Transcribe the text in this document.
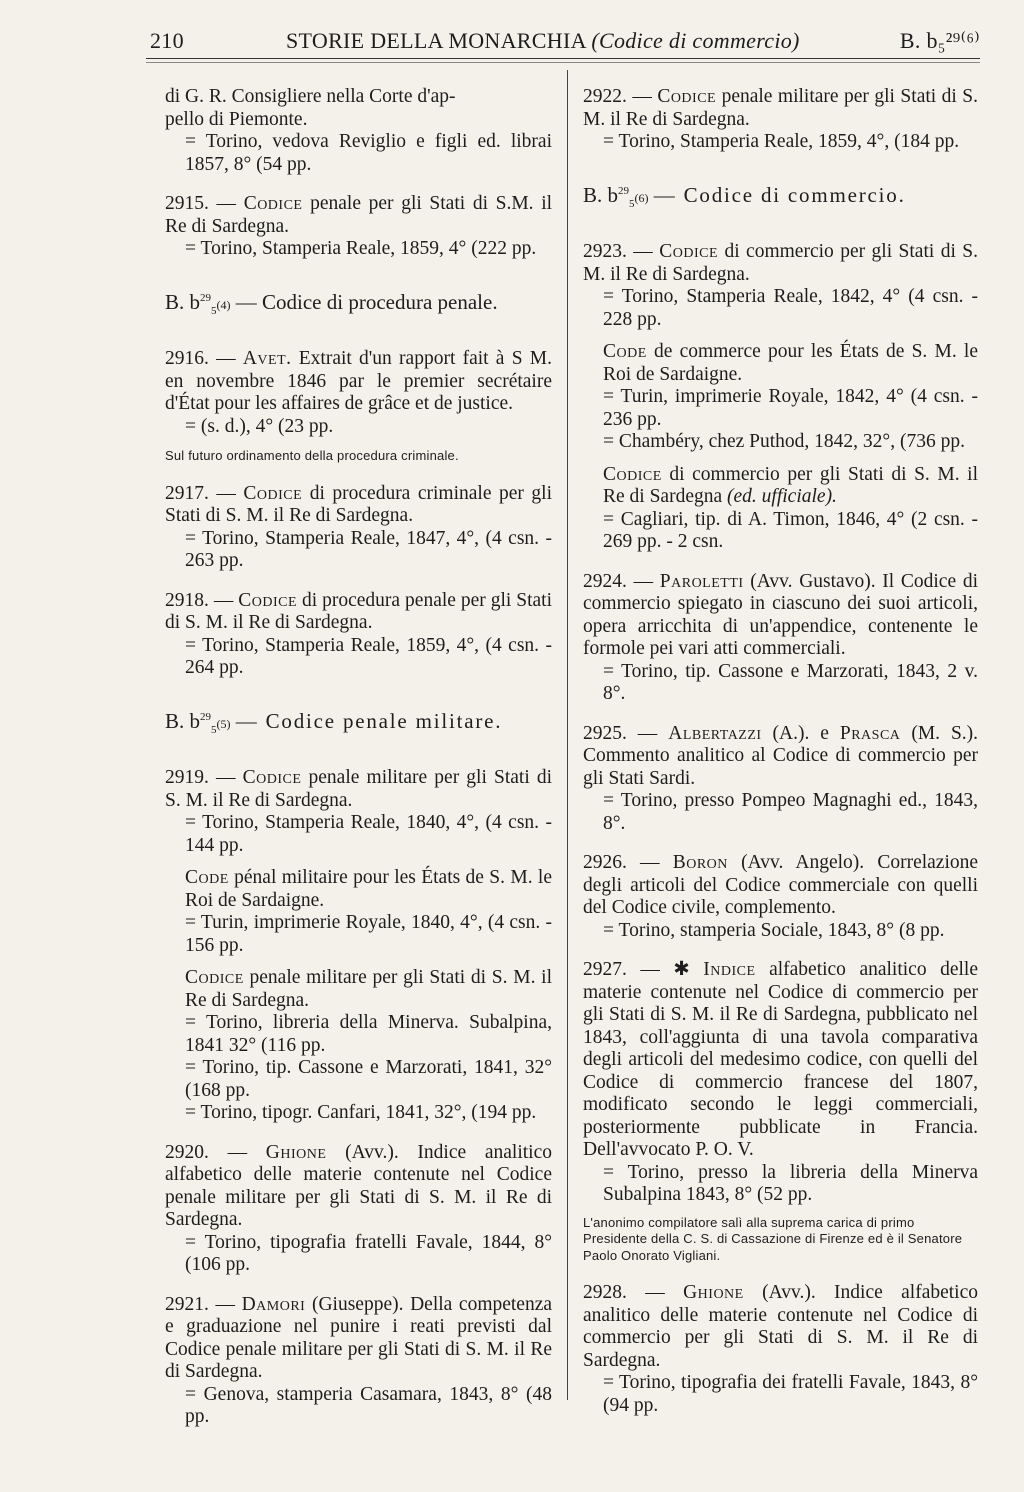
210	STORIE DELLA MONARCHIA (Codice di commercio)	B. b₅²⁹⁽⁶⁾
di G. R. Consigliere nella Corte d'ap-
pello di Piemonte.
= Torino, vedova Reviglio e figli ed. librai 1857, 8° (54 pp.
2915. — Codice penale per gli Stati di S.M. il Re di Sardegna.
= Torino, Stamperia Reale, 1859, 4° (222 pp.
B. $b^{29}_5(4)$ — Codice di procedura penale.
2916. — Avet. Extrait d'un rapport fait à S M. en novembre 1846 par le premier secrétaire d'État pour les affaires de grâce et de justice.
= (s. d.), 4° (23 pp.
Sul futuro ordinamento della procedura criminale.
2917. — Codice di procedura criminale per gli Stati di S. M. il Re di Sardegna.
= Torino, Stamperia Reale, 1847, 4°, (4 csn. - 263 pp.
2918. — Codice di procedura penale per gli Stati di S. M. il Re di Sardegna.
= Torino, Stamperia Reale, 1859, 4°, (4 csn. - 264 pp.
B. $b^{29}_5(5)$ — Codice penale militare.
2919. — Codice penale militare per gli Stati di S. M. il Re di Sardegna.
= Torino, Stamperia Reale, 1840, 4°, (4 csn. - 144 pp.
Code pénal militaire pour les États de S. M. le Roi de Sardaigne.
= Turin, imprimerie Royale, 1840, 4°, (4 csn. - 156 pp.
Codice penale militare per gli Stati di S. M. il Re di Sardegna.
= Torino, libreria della Minerva. Subalpina, 1841 32° (116 pp.
= Torino, tip. Cassone e Marzorati, 1841, 32° (168 pp.
= Torino, tipogr. Canfari, 1841, 32°, (194 pp.
2920. — Ghione (Avv.). Indice analitico alfabetico delle materie contenute nel Codice penale militare per gli Stati di S. M. il Re di Sardegna.
= Torino, tipografia fratelli Favale, 1844, 8° (106 pp.
2921. — Damori (Giuseppe). Della competenza e graduazione nel punire i reati previsti dal Codice penale militare per gli Stati di S. M. il Re di Sardegna.
= Genova, stamperia Casamara, 1843, 8° (48 pp.
2922. — Codice penale militare per gli Stati di S. M. il Re di Sardegna.
= Torino, Stamperia Reale, 1859, 4°, (184 pp.
B. $b^{29}_5(6)$ — Codice di commercio.
2923. — Codice di commercio per gli Stati di S. M. il Re di Sardegna.
= Torino, Stamperia Reale, 1842, 4° (4 csn. - 228 pp.
Code de commerce pour les États de S. M. le Roi de Sardaigne.
= Turin, imprimerie Royale, 1842, 4° (4 csn. - 236 pp.
= Chambéry, chez Puthod, 1842, 32°, (736 pp.
Codice di commercio per gli Stati di S. M. il Re di Sardegna (ed. ufficiale).
= Cagliari, tip. di A. Timon, 1846, 4° (2 csn. - 269 pp. - 2 csn.
2924. — Paroletti (Avv. Gustavo). Il Codice di commercio spiegato in ciascuno dei suoi articoli, opera arricchita di un'appendice, contenente le formole pei vari atti commerciali.
= Torino, tip. Cassone e Marzorati, 1843, 2 v. 8°.
2925. — Albertazzi (A.). e Prasca (M. S.). Commento analitico al Codice di commercio per gli Stati Sardi.
= Torino, presso Pompeo Magnaghi ed., 1843, 8°.
2926. — Boron (Avv. Angelo). Correlazione degli articoli del Codice commerciale con quelli del Codice civile, complemento.
= Torino, stamperia Sociale, 1843, 8° (8 pp.
2927. — ✱ Indice alfabetico analitico delle materie contenute nel Codice di commercio per gli Stati di S. M. il Re di Sardegna, pubblicato nel 1843, coll'aggiunta di una tavola comparativa degli articoli del medesimo codice, con quelli del Codice di commercio francese del 1807, modificato secondo le leggi commerciali, posteriormente pubblicate in Francia. Dell'avvocato P. O. V.
= Torino, presso la libreria della Minerva Subalpina 1843, 8° (52 pp.
L'anonimo compilatore salì alla suprema carica di primo Presidente della C. S. di Cassazione di Firenze ed è il Senatore Paolo Onorato Vigliani.
2928. — Ghione (Avv.). Indice alfabetico analitico delle materie contenute nel Codice di commercio per gli Stati di S. M. il Re di Sardegna.
= Torino, tipografia dei fratelli Favale, 1843, 8° (94 pp.
